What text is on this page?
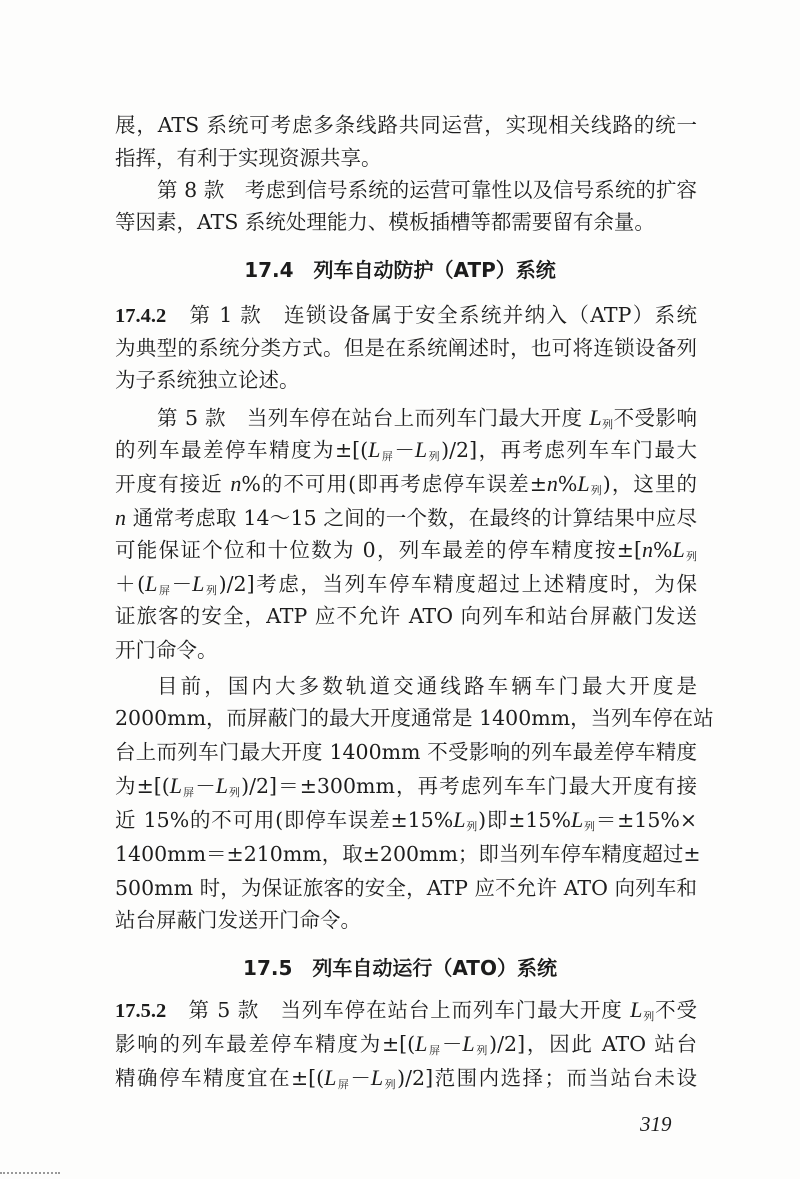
展，ATS 系统可考虑多条线路共同运营，实现相关线路的统一
指挥，有利于实现资源共享。
第 8 款　考虑到信号系统的运营可靠性以及信号系统的扩容
等因素，ATS 系统处理能力、模板插槽等都需要留有余量。
17.4　列车自动防护（ATP）系统
17.4.2　第 1 款　连锁设备属于安全系统并纳入（ATP）系统
为典型的系统分类方式。但是在系统阐述时，也可将连锁设备列
为子系统独立论述。
第 5 款　当列车停在站台上而列车门最大开度 $L_列$不受影响
的列车最差停车精度为$\pm[(L_屏-L_列)/2]$，再考虑列车车门最大
开度有接近 n%的不可用(即再考虑停车误差$\pm n\%L_列$)，这里的
n 通常考虑取 14～15 之间的一个数，在最终的计算结果中应尽
可能保证个位和十位数为 0，列车最差的停车精度按$\pm[n\%L_列$
$+(L_屏-L_列)/2$]考虑，当列车停车精度超过上述精度时，为保
证旅客的安全，ATP 应不允许 ATO 向列车和站台屏蔽门发送
开门命令。
目前，国内大多数轨道交通线路车辆车门最大开度是
2000mm，而屏蔽门的最大开度通常是 1400mm，当列车停在站
台上而列车门最大开度 1400mm 不受影响的列车最差停车精度
为$\pm[(L_屏-L_列)/2]=\pm 300mm$，再考虑列车车门最大开度有接
近 15%的不可用(即停车误差$\pm 15\%L_列$)即$\pm 15\%L_列=\pm 15\%\times$
1400mm＝±210mm，取±200mm；即当列车停车精度超过±
500mm 时，为保证旅客的安全，ATP 应不允许 ATO 向列车和
站台屏蔽门发送开门命令。
17.5　列车自动运行（ATO）系统
17.5.2　第 5 款　当列车停在站台上而列车门最大开度 $L_列$不受
影响的列车最差停车精度为$\pm[(L_屏-L_列)/2]$，因此 ATO 站台
精确停车精度宜在$\pm[(L_屏-L_列)/2]$范围内选择；而当站台未设
319
